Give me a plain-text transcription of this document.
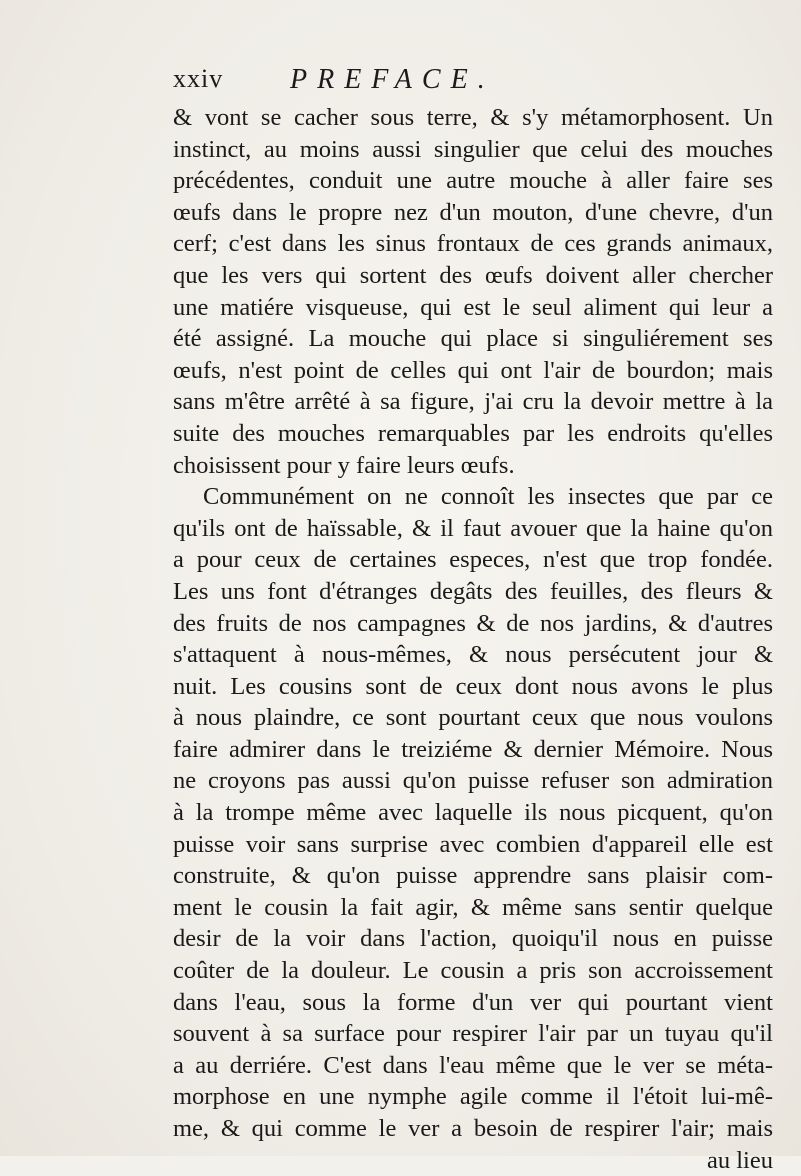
xxiv PREFACE.
& vont se cacher sous terre, & s'y métamorphosent. Un
instinct, au moins aussi singulier que celui des mouches
précédentes, conduit une autre mouche à aller faire ses
œufs dans le propre nez d'un mouton, d'une chevre, d'un
cerf; c'est dans les sinus frontaux de ces grands animaux,
que les vers qui sortent des œufs doivent aller chercher
une matiére visqueuse, qui est le seul aliment qui leur a
été assigné. La mouche qui place si singuliérement ses
œufs, n'est point de celles qui ont l'air de bourdon; mais
sans m'être arrêté à sa figure, j'ai cru la devoir mettre à la
suite des mouches remarquables par les endroits qu'elles
choisissent pour y faire leurs œufs.
Communément on ne connoît les insectes que par ce
qu'ils ont de haïssable, & il faut avouer que la haine qu'on
a pour ceux de certaines especes, n'est que trop fondée.
Les uns font d'étranges degâts des feuilles, des fleurs &
des fruits de nos campagnes & de nos jardins, & d'autres
s'attaquent à nous-mêmes, & nous persécutent jour &
nuit. Les cousins sont de ceux dont nous avons le plus
à nous plaindre, ce sont pourtant ceux que nous voulons
faire admirer dans le treiziéme & dernier Mémoire. Nous
ne croyons pas aussi qu'on puisse refuser son admiration
à la trompe même avec laquelle ils nous picquent, qu'on
puisse voir sans surprise avec combien d'appareil elle est
construite, & qu'on puisse apprendre sans plaisir com-
ment le cousin la fait agir, & même sans sentir quelque
desir de la voir dans l'action, quoiqu'il nous en puisse
coûter de la douleur. Le cousin a pris son accroissement
dans l'eau, sous la forme d'un ver qui pourtant vient
souvent à sa surface pour respirer l'air par un tuyau qu'il
a au derriére. C'est dans l'eau même que le ver se méta-
morphose en une nymphe agile comme il l'étoit lui-mê-
me, & qui comme le ver a besoin de respirer l'air; mais
au lieu
